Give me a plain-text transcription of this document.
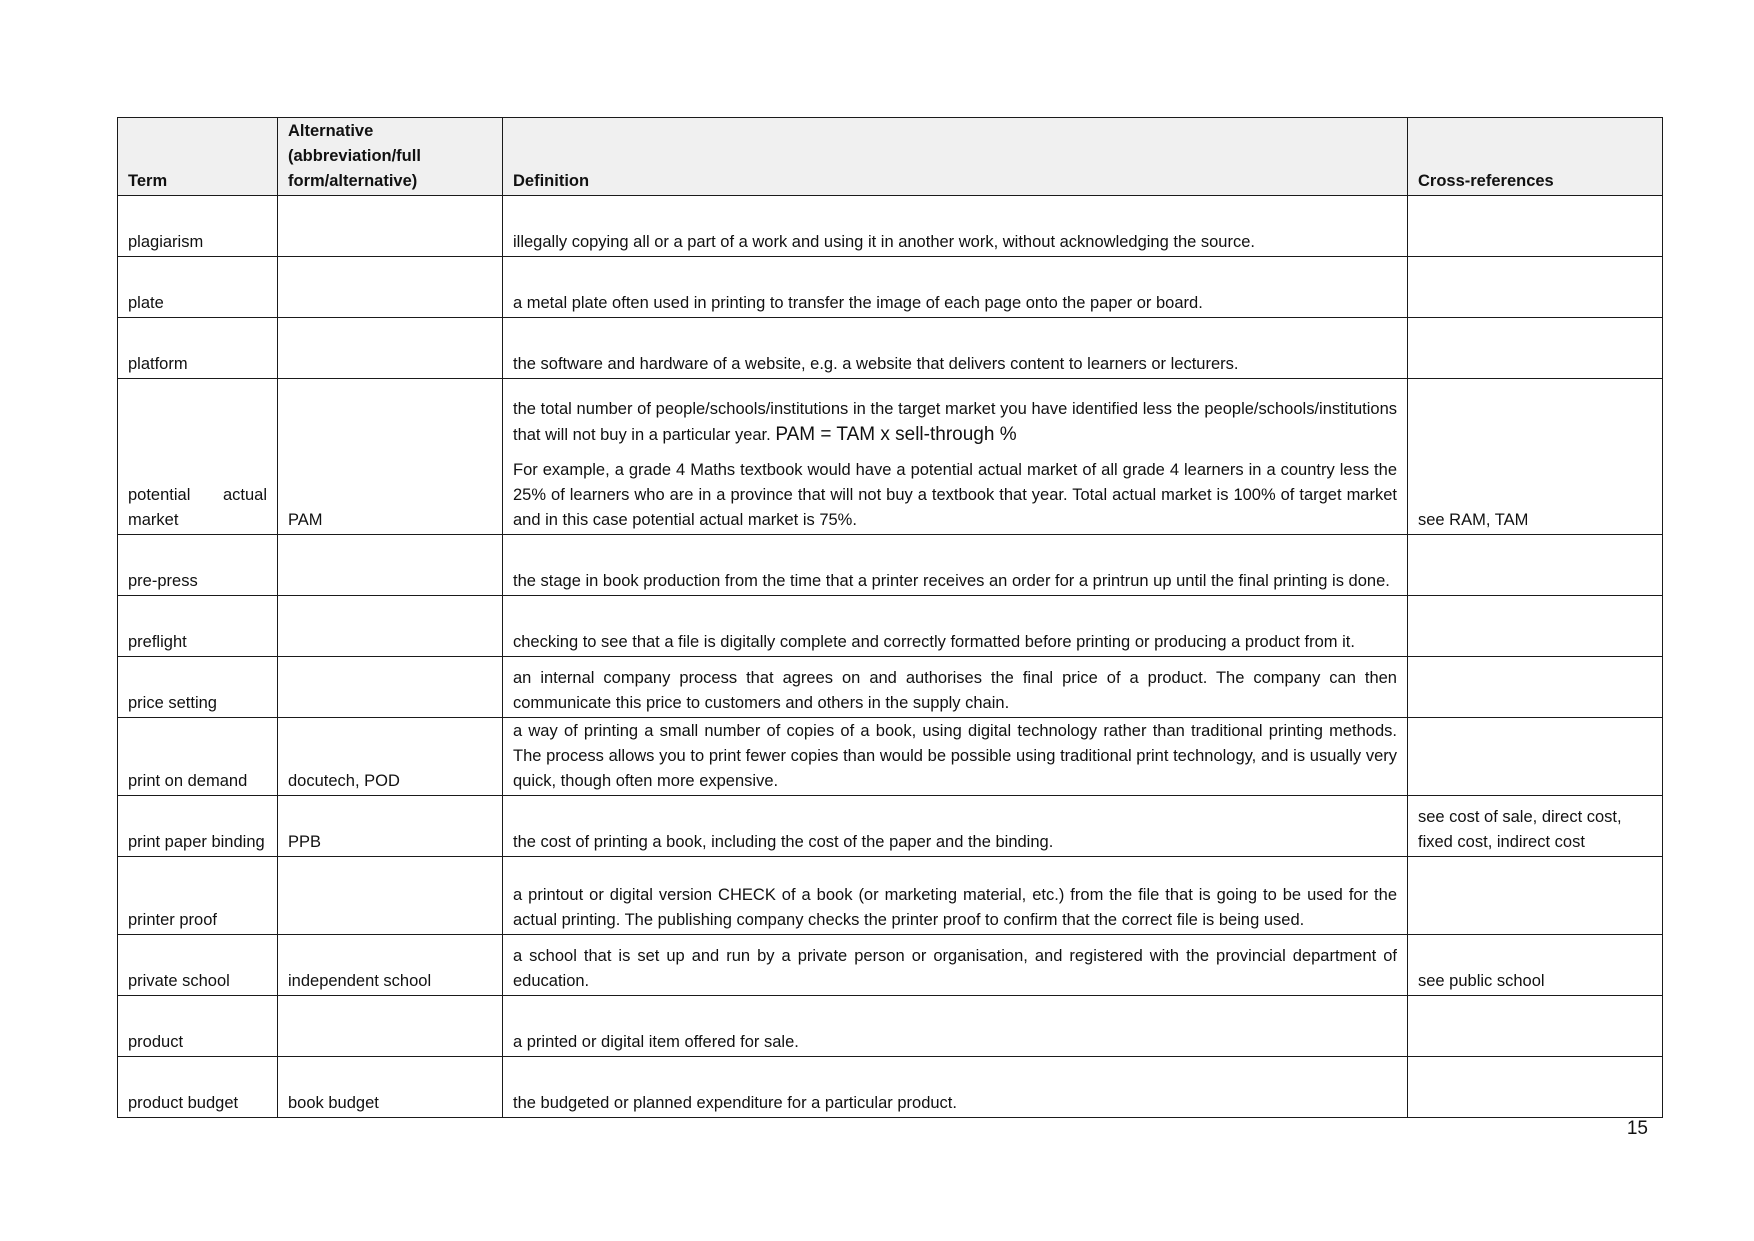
Term	Alternative (abbreviation/full form/alternative)	Definition	Cross-references
plagiarism		illegally copying all or a part of a work and using it in another work, without acknowledging the source.	

plate		a metal plate often used in printing to transfer the image of each page onto the paper or board.	

platform		the software and hardware of a website, e.g. a website that delivers content to learners or lecturers.	

potential actual market	PAM	the total number of people/schools/institutions in the target market you have identified less the people/schools/institutions that will not buy in a particular year. PAM = TAM x sell-through %
For example, a grade 4 Maths textbook would have a potential actual market of all grade 4 learners in a country less the 25% of learners who are in a province that will not buy a textbook that year. Total actual market is 100% of target market and in this case potential actual market is 75%.	see RAM, TAM
pre-press		the stage in book production from the time that a printer receives an order for a printrun up until the final printing is done.	

preflight		checking to see that a file is digitally complete and correctly formatted before printing or producing a product from it.	

price setting		an internal company process that agrees on and authorises the final price of a product. The company can then communicate this price to customers and others in the supply chain.	

print on demand	docutech, POD	a way of printing a small number of copies of a book, using digital technology rather than traditional printing methods. The process allows you to print fewer copies than would be possible using traditional print technology, and is usually very quick, though often more expensive.	

print paper binding	PPB	the cost of printing a book, including the cost of the paper and the binding.	see cost of sale, direct cost, fixed cost, indirect cost
printer proof		a printout or digital version CHECK of a book (or marketing material, etc.) from the file that is going to be used for the actual printing. The publishing company checks the printer proof to confirm that the correct file is being used.	

private school	independent school	a school that is set up and run by a private person or organisation, and registered with the provincial department of education.	see public school
product		a printed or digital item offered for sale.	

product budget	book budget	the budgeted or planned expenditure for a particular product.	

15
